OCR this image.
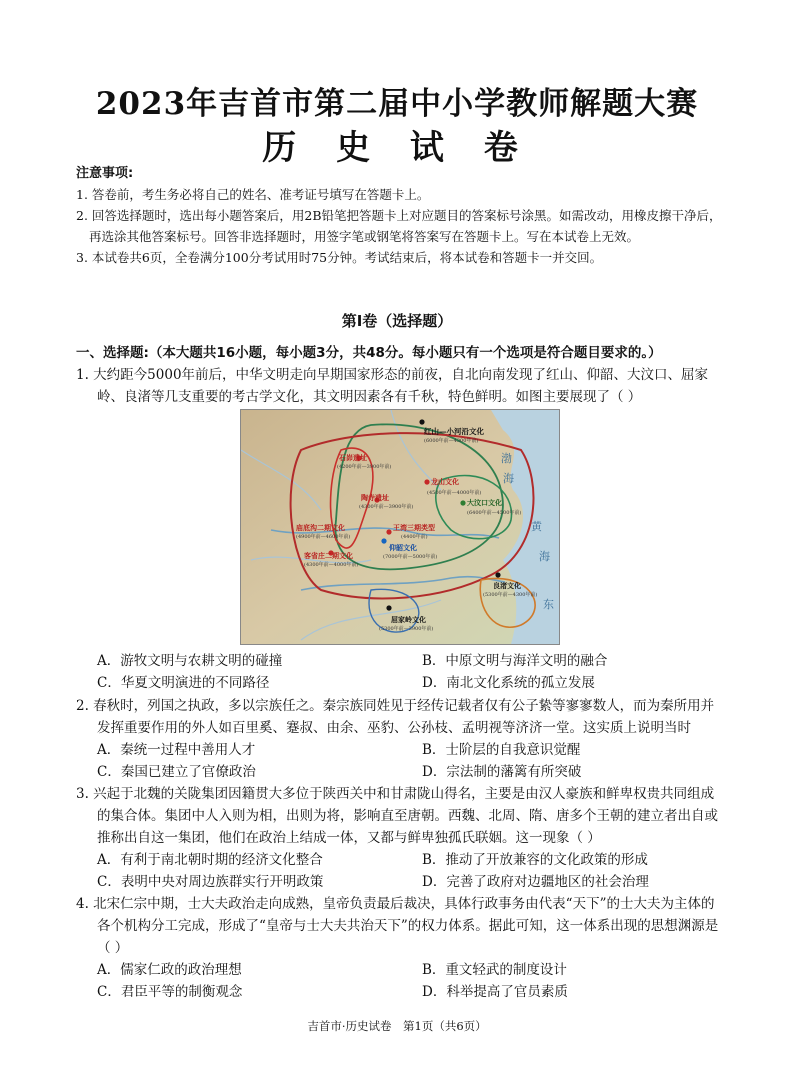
2023年吉首市第二届中小学教师解题大赛
历 史 试 卷
注意事项:
1. 答卷前，考生务必将自己的姓名、准考证号填写在答题卡上。
2. 回答选择题时，选出每小题答案后，用2B铅笔把答题卡上对应题目的答案标号涂黑。如需改动，用橡皮擦干净后，再选涂其他答案标号。回答非选择题时，用签字笔或钢笔将答案写在答题卡上。写在本试卷上无效。
3. 本试卷共6页，全卷满分100分考试用时75分钟。考试结束后，将本试卷和答题卡一并交回。
第Ⅰ卷（选择题）
一、选择题:（本大题共16小题，每小题3分，共48分。每小题只有一个选项是符合题目要求的。）
1. 大约距今5000年前后，中华文明走向早期国家形态的前夜，自北向南发现了红山、仰韶、大汶口、屈家岭、良渚等几支重要的考古学文化，其文明因素各有千秋，特色鲜明。如图主要展现了（ ）
红山—小河沿文化
(6000年前—4300年前)
石峁遗址
(4200年前—3900年前)
陶寺遗址
(4300年前—3900年前)
龙山文化
(4500年前—4000年前)
大汶口文化
(6400年前—4500年前)
庙底沟二期文化
(4900年前—4600年前)
王湾三期类型
(4400年前)
仰韶文化
(7000年前—5000年前)
客省庄二期文化
(4300年前—4000年前)
良渚文化
(5300年前—4300年前)
屈家岭文化
(5300年前—3900年前)
渤
海
黄
海
东
A．游牧文明与农耕文明的碰撞	B．中原文明与海洋文明的融合
C．华夏文明演进的不同路径	D．南北文化系统的孤立发展
2. 春秋时，列国之执政，多以宗族任之。秦宗族同姓见于经传记载者仅有公子絷等寥寥数人，而为秦所用并发挥重要作用的外人如百里奚、蹇叔、由余、巫豹、公孙枝、孟明视等济济一堂。这实质上说明当时
A．秦统一过程中善用人才	B．士阶层的自我意识觉醒
C．秦国已建立了官僚政治	D．宗法制的藩篱有所突破
3. 兴起于北魏的关陇集团因籍贯大多位于陕西关中和甘肃陇山得名，主要是由汉人豪族和鲜卑权贵共同组成的集合体。集团中人入则为相，出则为将，影响直至唐朝。西魏、北周、隋、唐多个王朝的建立者出自或推称出自这一集团，他们在政治上结成一体，又都与鲜卑独孤氏联姻。这一现象（ ）
A．有利于南北朝时期的经济文化整合	B．推动了开放兼容的文化政策的形成
C．表明中央对周边族群实行开明政策	D．完善了政府对边疆地区的社会治理
4. 北宋仁宗中期，士大夫政治走向成熟，皇帝负责最后裁决，具体行政事务由代表“天下”的士大夫为主体的各个机构分工完成，形成了“皇帝与士大夫共治天下”的权力体系。据此可知，这一体系出现的思想渊源是（ ）
A．儒家仁政的政治理想	B．重文轻武的制度设计
C．君臣平等的制衡观念	D．科举提高了官员素质
吉首市·历史试卷　第1页（共6页）
